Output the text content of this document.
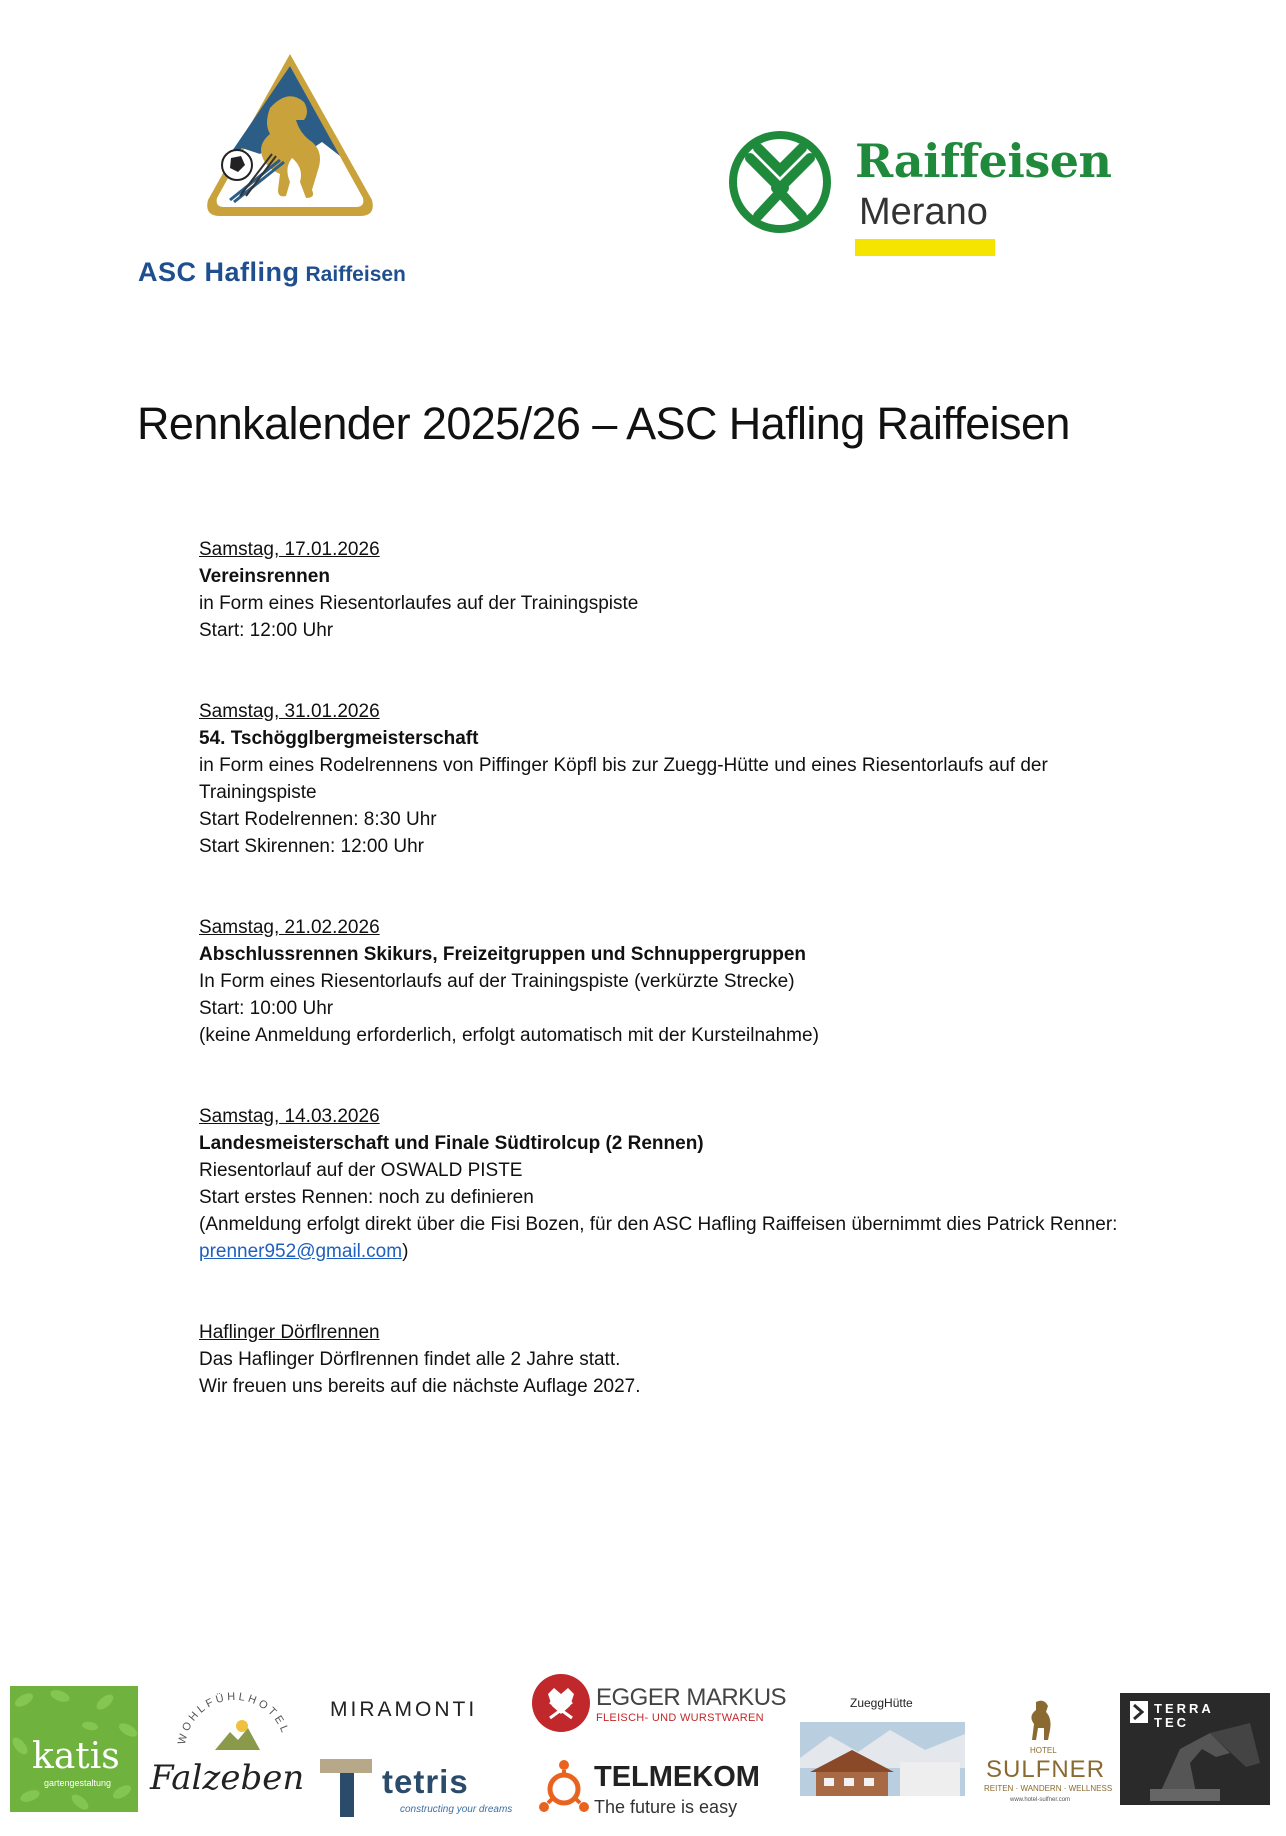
ASC Hafling Raiffeisen
Raiffeisen
Merano
Rennkalender 2025/26 – ASC Hafling Raiffeisen
Samstag, 17.01.2026
Vereinsrennen
in Form eines Riesentorlaufes auf der Trainingspiste
Start: 12:00 Uhr
Samstag, 31.01.2026
54. Tschögglbergmeisterschaft
in Form eines Rodelrennens von Piffinger Köpfl bis zur Zuegg-Hütte und eines Riesentorlaufs auf der Trainingspiste
Start Rodelrennen: 8:30 Uhr
Start Skirennen: 12:00 Uhr
Samstag, 21.02.2026
Abschlussrennen Skikurs, Freizeitgruppen und Schnuppergruppen
In Form eines Riesentorlaufs auf der Trainingspiste (verkürzte Strecke)
Start: 10:00 Uhr
(keine Anmeldung erforderlich, erfolgt automatisch mit der Kursteilnahme)
Samstag, 14.03.2026
Landesmeisterschaft und Finale Südtirolcup (2 Rennen)
Riesentorlauf auf der OSWALD PISTE
Start erstes Rennen: noch zu definieren
(Anmeldung erfolgt direkt über die Fisi Bozen, für den ASC Hafling Raiffeisen übernimmt dies Patrick Renner: prenner952@gmail.com)
Haflinger Dörflrennen
Das Haflinger Dörflrennen findet alle 2 Jahre statt.
Wir freuen uns bereits auf die nächste Auflage 2027.
katis
gartengestaltung
WOHLFÜHLHOTEL
Falzeben
MIRAMONTI
tetris
constructing your dreams
EGGER MARKUS
FLEISCH- UND WURSTWAREN
TELMEKOM
The future is easy
ZueggHütte
HOTEL
SULFNER
REITEN · WANDERN · WELLNESS
www.hotel-sulfner.com
TERRA
TEC
